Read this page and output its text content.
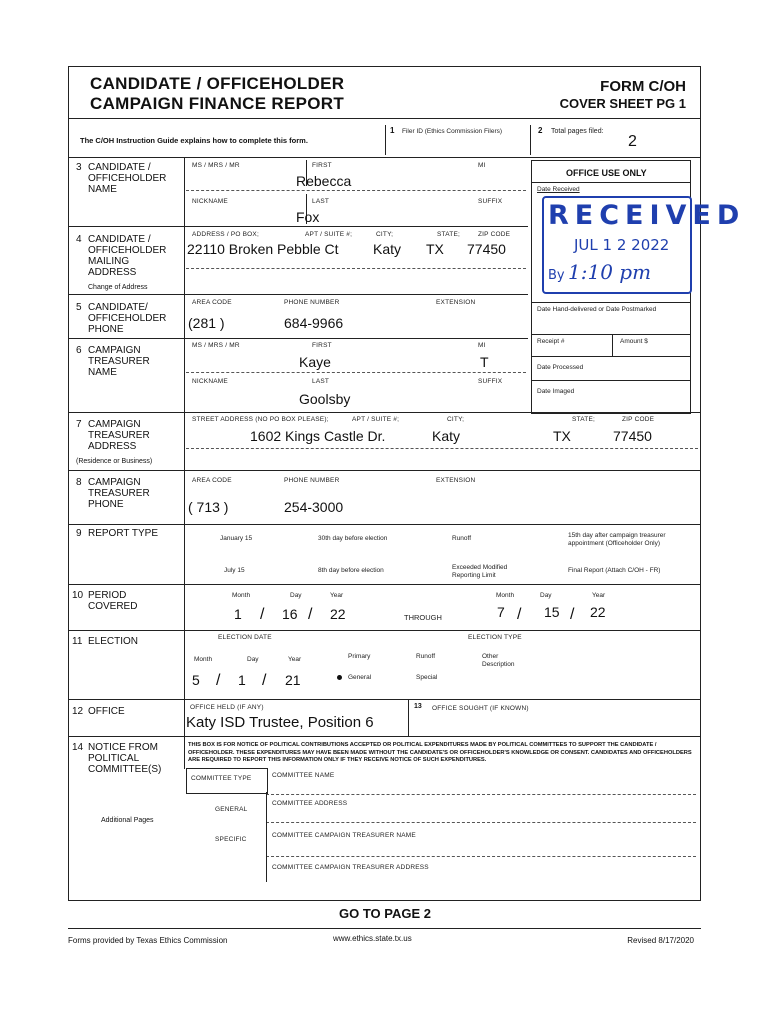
CANDIDATE / OFFICEHOLDER
CAMPAIGN FINANCE REPORT
FORM C/OH
COVER SHEET PG 1
The C/OH Instruction Guide explains how to complete this form.
1 Filer ID (Ethics Commission Filers)	2 Total pages filed:
2
OFFICE USE ONLY
Date Received
RECEIVED
JUL 1 2 2022
By 1:10 pm
Date Hand-delivered or Date Postmarked
Receipt #	Amount $
Date Processed
Date Imaged
3 CANDIDATE / OFFICEHOLDER NAME
MS / MRS / MR	FIRST	MI
Rebecca
NICKNAME	LAST	SUFFIX
Fox
4 CANDIDATE / OFFICEHOLDER MAILING ADDRESS
ADDRESS / PO BOX;	APT / SUITE #;	CITY;	STATE;	ZIP CODE
22110 Broken Pebble Ct Katy TX 77450
Change of Address
5 CANDIDATE/ OFFICEHOLDER PHONE
AREA CODE	PHONE NUMBER	EXTENSION
(281 )	684-9966
6 CAMPAIGN TREASURER NAME
MS / MRS / MR	FIRST	MI
Kaye	T
NICKNAME	LAST	SUFFIX
Goolsby
7 CAMPAIGN TREASURER ADDRESS
STREET ADDRESS (NO PO BOX PLEASE);	APT / SUITE #;	CITY;	STATE;	ZIP CODE
1602 Kings Castle Dr.	Katy	TX	77450
(Residence or Business)
8 CAMPAIGN TREASURER PHONE
AREA CODE	PHONE NUMBER	EXTENSION
( 713 )	254-3000
9 REPORT TYPE	January 15	30th day before election	Runoff	15th day after campaign treasurer appointment (Officeholder Only)
July 15	8th day before election	Exceeded Modified Reporting Limit
Final Report (Attach C/OH - FR)
10 PERIOD COVERED
Month	Day	Year
1 / 16 / 22	THROUGH
Month	Day	Year
7 / 15 / 22
11 ELECTION	ELECTION DATE	ELECTION TYPE
Month	Day	Year
5 / 1 / 21
Primary	Runoff	Other Description
General	Special
12 OFFICE	OFFICE HELD (IF ANY)
Katy ISD Trustee, Position 6
13 OFFICE SOUGHT (IF KNOWN)
14 NOTICE FROM POLITICAL COMMITTEE(S)
THIS BOX IS FOR NOTICE OF POLITICAL CONTRIBUTIONS ACCEPTED OR POLITICAL EXPENDITURES MADE BY POLITICAL COMMITTEES TO SUPPORT THE CANDIDATE / OFFICEHOLDER. THESE EXPENDITURES MAY HAVE BEEN MADE WITHOUT THE CANDIDATE'S OR OFFICEHOLDER'S KNOWLEDGE OR CONSENT. CANDIDATES AND OFFICEHOLDERS ARE REQUIRED TO REPORT THIS INFORMATION ONLY IF THEY RECEIVE NOTICE OF SUCH EXPENDITURES.
COMMITTEE TYPE	COMMITTEE NAME
GENERAL
COMMITTEE ADDRESS
Additional Pages
SPECIFIC
COMMITTEE CAMPAIGN TREASURER NAME
COMMITTEE CAMPAIGN TREASURER ADDRESS
GO TO PAGE 2
Forms provided by Texas Ethics Commission	www.ethics.state.tx.us	Revised 8/17/2020
